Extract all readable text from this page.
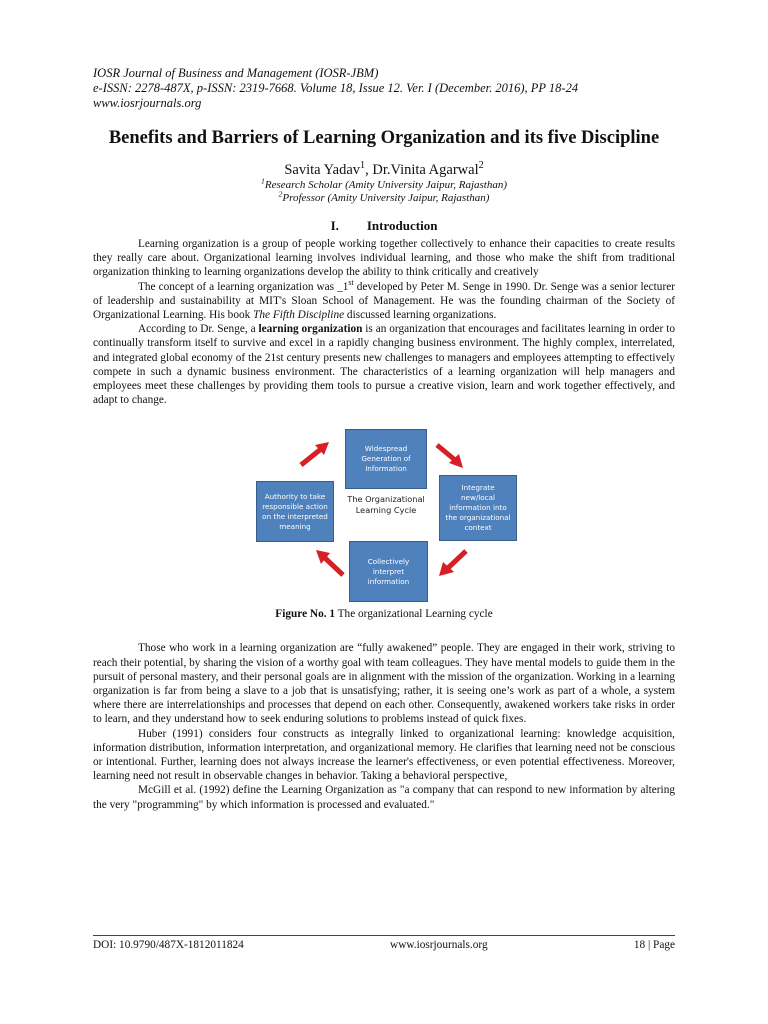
IOSR Journal of Business and Management (IOSR-JBM)
e-ISSN: 2278-487X, p-ISSN: 2319-7668. Volume 18, Issue 12. Ver. I (December. 2016), PP 18-24
www.iosrjournals.org
Benefits and Barriers of Learning Organization and its five Discipline
Savita Yadav$^1$, Dr.Vinita Agarwal$^2$
$^1$Research Scholar (Amity University Jaipur, Rajasthan)
$^2$Professor (Amity University Jaipur, Rajasthan)
I. Introduction

Learning organization is a group of people working together collectively to enhance their capacities to create results they really care about. Organizational learning involves individual learning, and those who make the shift from traditional organization thinking to learning organizations develop the ability to think critically and creatively

The concept of a learning organization was _1st developed by Peter M. Senge in 1990. Dr. Senge was a senior lecturer of leadership and sustainability at MIT's Sloan School of Management. He was the founding chairman of the Society of Organizational Learning. His book The Fifth Discipline discussed learning organizations.

According to Dr. Senge, a learning organization is an organization that encourages and facilitates learning in order to continually transform itself to survive and excel in a rapidly changing business environment. The highly complex, interrelated, and integrated global economy of the 21st century presents new challenges to managers and employees attempting to effectively compete in such a dynamic business environment. The characteristics of a learning organization will help managers and employees meet these challenges by providing them tools to pursue a creative vision, learn and work together effectively, and adapt to change.

Widespread Generation of Information
Integrate new/local information into the organizational context
Collectively interpret information
Authority to take responsible action on the interpreted meaning
The Organizational Learning Cycle
Figure No. 1 The organizational Learning cycle

Those who work in a learning organization are “fully awakened” people. They are engaged in their work, striving to reach their potential, by sharing the vision of a worthy goal with team colleagues. They have mental models to guide them in the pursuit of personal mastery, and their personal goals are in alignment with the mission of the organization. Working in a learning organization is far from being a slave to a job that is unsatisfying; rather, it is seeing one’s work as part of a whole, a system where there are interrelationships and processes that depend on each other. Consequently, awakened workers take risks in order to learn, and they understand how to seek enduring solutions to problems instead of quick fixes.

Huber (1991) considers four constructs as integrally linked to organizational learning: knowledge acquisition, information distribution, information interpretation, and organizational memory. He clarifies that learning need not be conscious or intentional. Further, learning does not always increase the learner's effectiveness, or even potential effectiveness. Moreover, learning need not result in observable changes in behavior. Taking a behavioral perspective,

McGill et al. (1992) define the Learning Organization as "a company that can respond to new information by altering the very "programming" by which information is processed and evaluated."

DOI: 10.9790/487X-1812011824	www.iosrjournals.org	18 | Page
